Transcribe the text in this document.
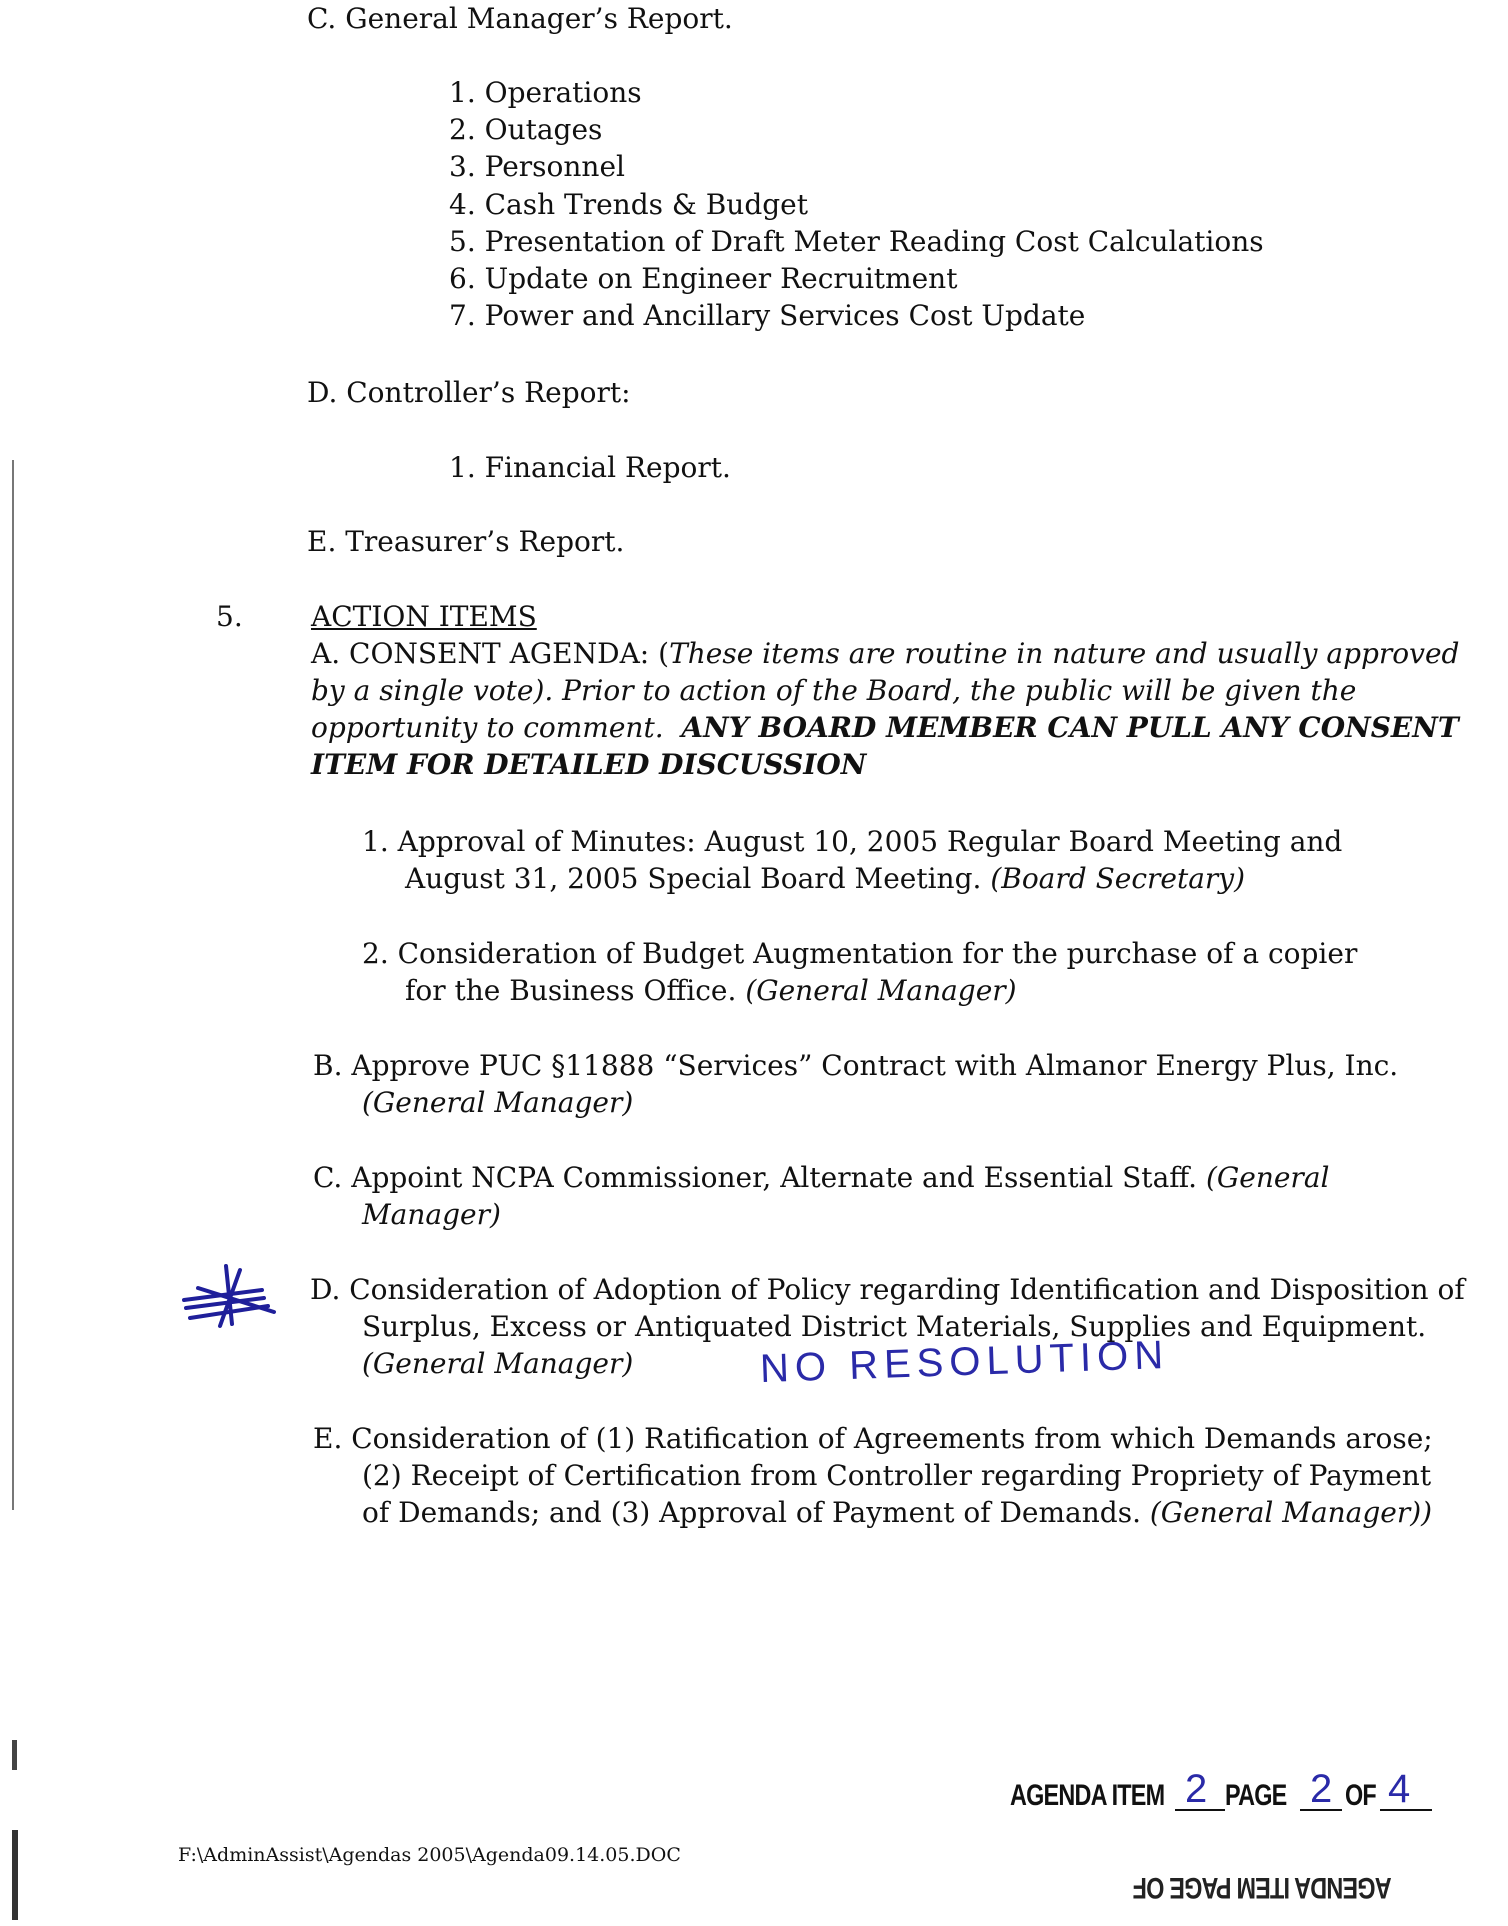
C. General Manager’s Report.
1. Operations
2. Outages
3. Personnel
4. Cash Trends & Budget
5. Presentation of Draft Meter Reading Cost Calculations
6. Update on Engineer Recruitment
7. Power and Ancillary Services Cost Update
D. Controller’s Report:
1. Financial Report.
E. Treasurer’s Report.
5. ACTION ITEMS
A. CONSENT AGENDA: (These items are routine in nature and usually approved
by a single vote). Prior to action of the Board, the public will be given the
opportunity to comment. ANY BOARD MEMBER CAN PULL ANY CONSENT
ITEM FOR DETAILED DISCUSSION
1. Approval of Minutes: August 10, 2005 Regular Board Meeting and
August 31, 2005 Special Board Meeting. (Board Secretary)
2. Consideration of Budget Augmentation for the purchase of a copier
for the Business Office. (General Manager)
B. Approve PUC §11888 “Services” Contract with Almanor Energy Plus, Inc.
(General Manager)
C. Appoint NCPA Commissioner, Alternate and Essential Staff. (General
Manager)
D. Consideration of Adoption of Policy regarding Identification and Disposition of
Surplus, Excess or Antiquated District Materials, Supplies and Equipment.
(General Manager)	NO RESOLUTION
E. Consideration of (1) Ratification of Agreements from which Demands arose;
(2) Receipt of Certification from Controller regarding Propriety of Payment
of Demands; and (3) Approval of Payment of Demands. (General Manager))
F:\AdminAssist\Agendas 2005\Agenda09.14.05.DOC
AGENDA ITEM 2 PAGE 2 OF 4
AGENDA ITEM PAGE OF
